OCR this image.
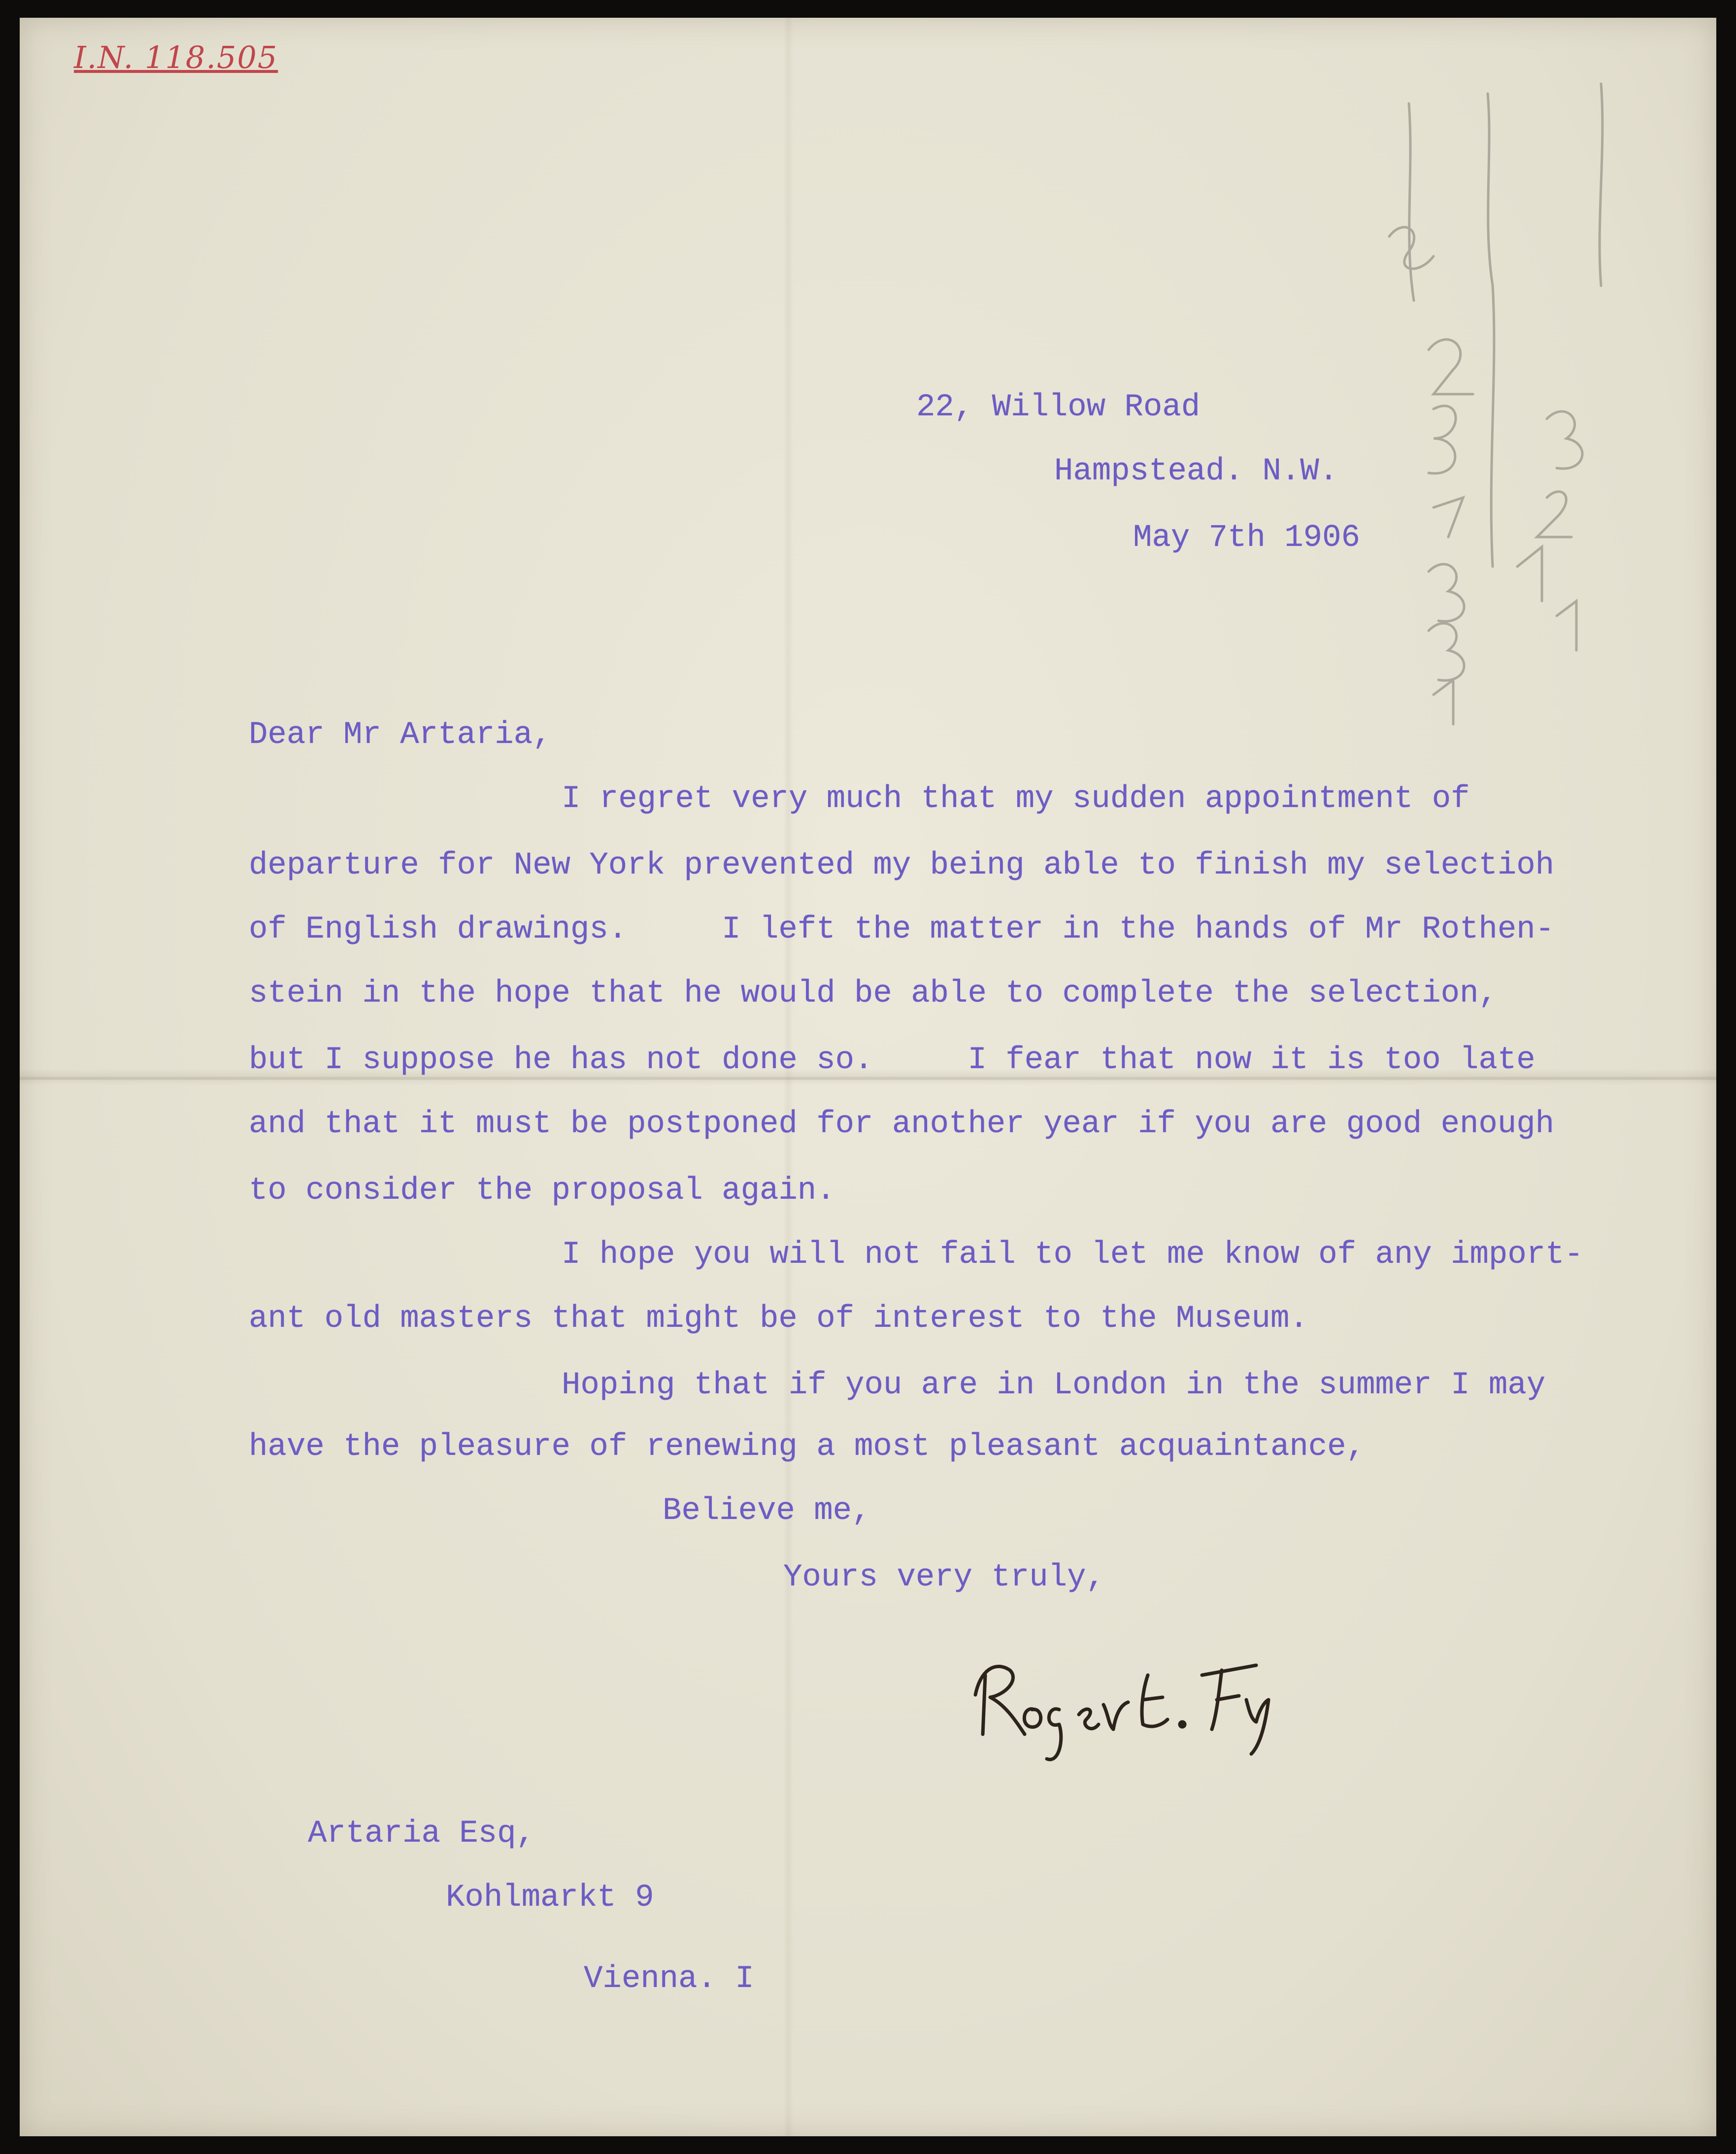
I.N. 118.505
22, Willow Road
Hampstead. N.W.
May 7th 1906
Dear Mr Artaria,
I regret very much that my sudden appointment of
departure for New York prevented my being able to finish my selectioh
of English drawings.     I left the matter in the hands of Mr Rothen-
stein in the hope that he would be able to complete the selection,
but I suppose he has not done so.     I fear that now it is too late
and that it must be postponed for another year if you are good enough
to consider the proposal again.
I hope you will not fail to let me know of any import-
ant old masters that might be of interest to the Museum.
Hoping that if you are in London in the summer I may
have the pleasure of renewing a most pleasant acquaintance,
Believe me,
Yours very truly,
Artaria Esq,
Kohlmarkt 9
Vienna. I
